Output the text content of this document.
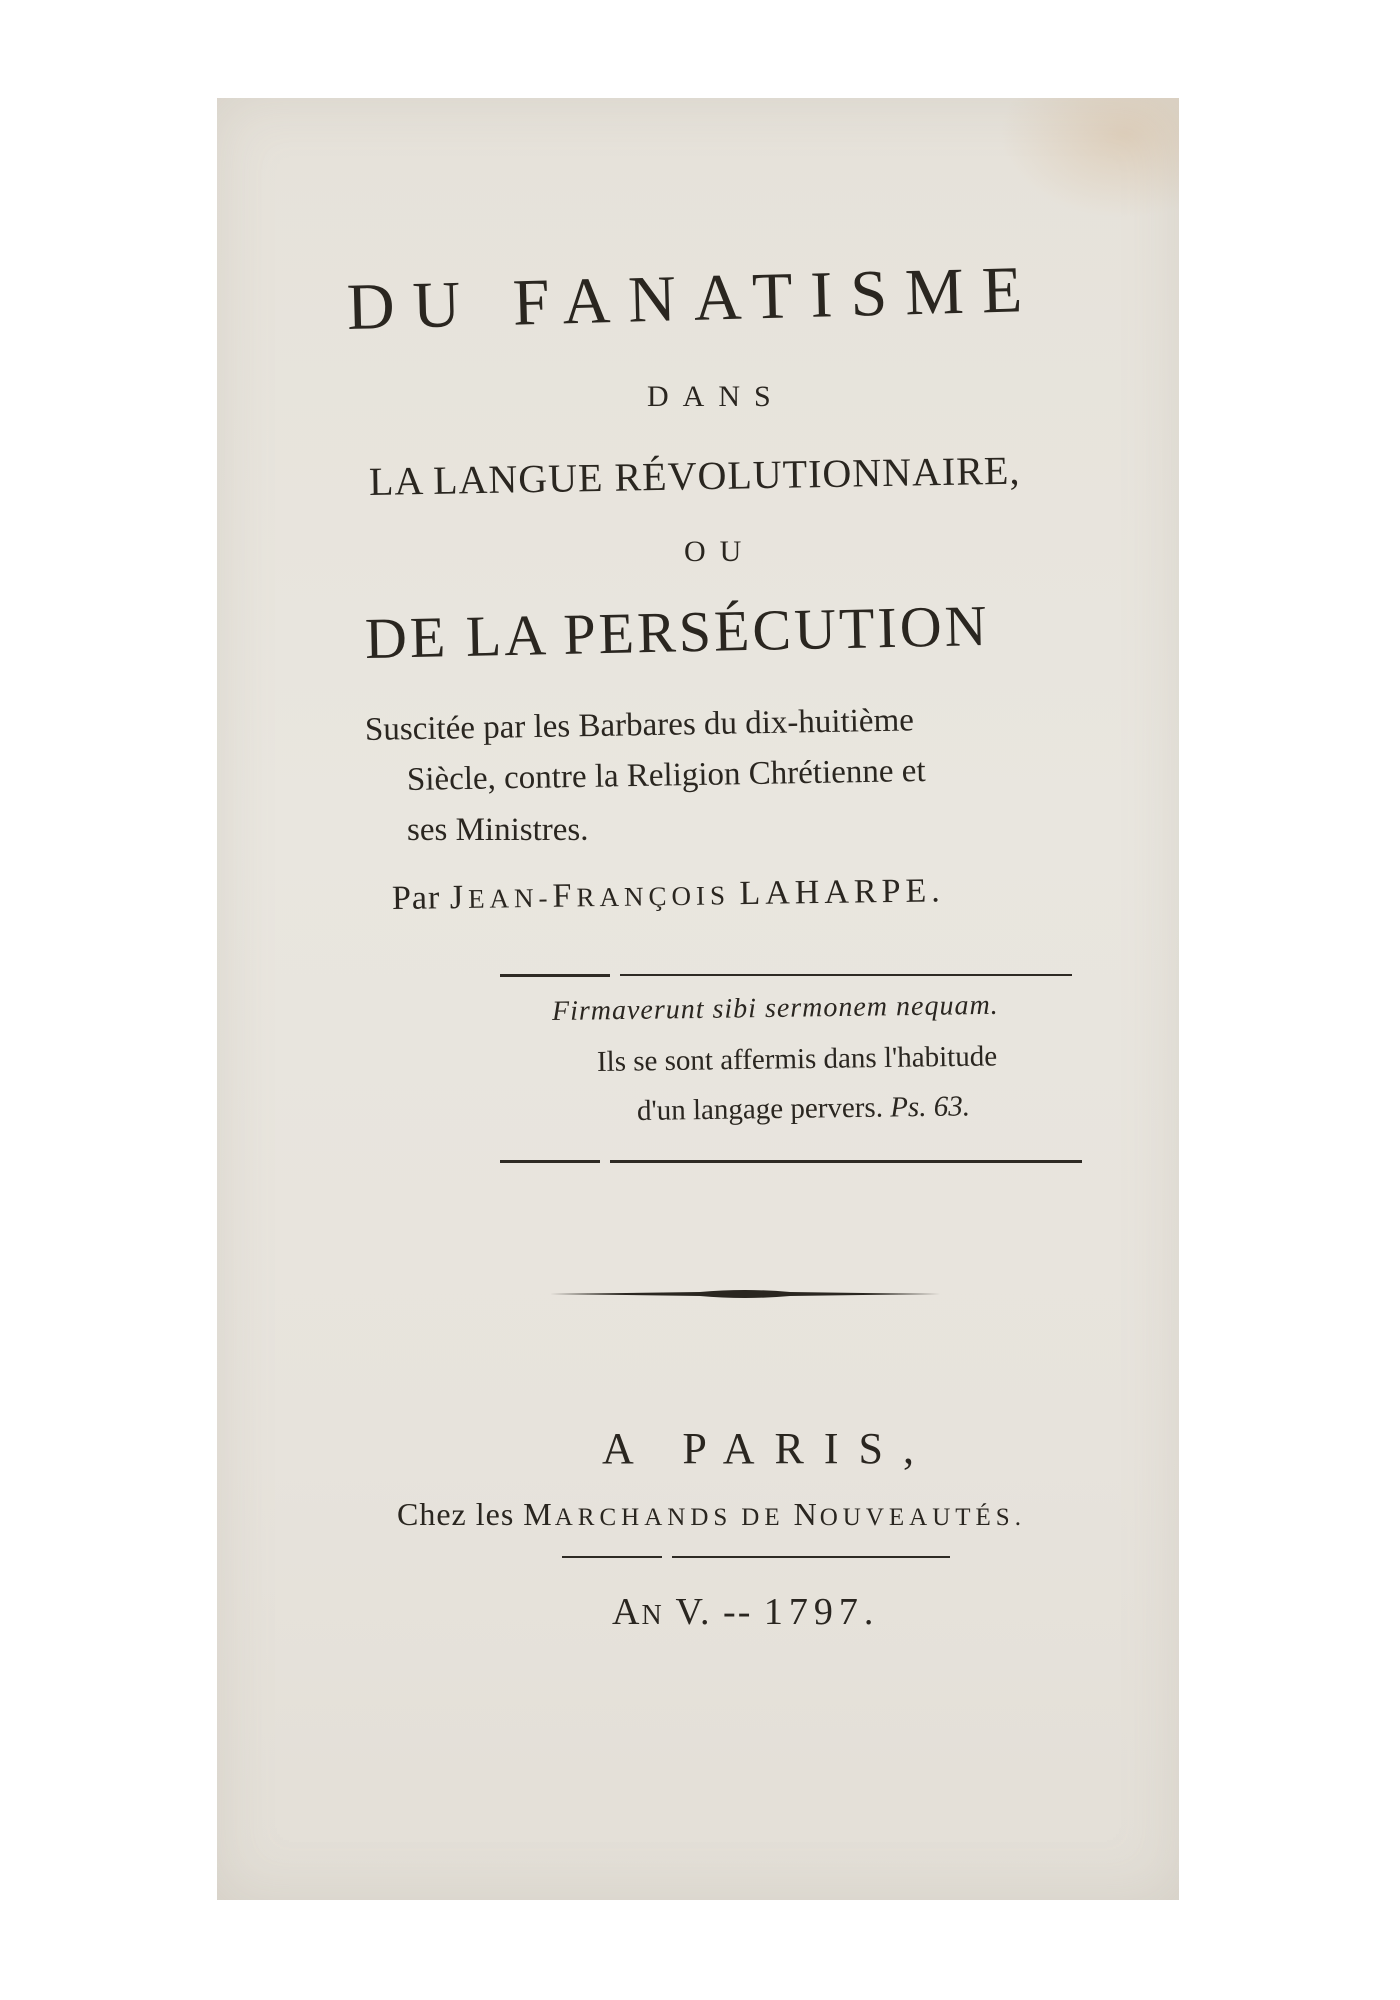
DU FANATISME
DANS
LA LANGUE RÉVOLUTIONNAIRE,
OU
DE LA PERSÉCUTION
Suscitée par les Barbares du dix-huitième
Siècle, contre la Religion Chrétienne et
ses Ministres.
Par JEAN-FRANÇOIS LAHARPE.
Firmaverunt sibi sermonem nequam.
Ils se sont affermis dans l'habitude
d'un langage pervers. Ps. 63.
A PARIS,
Chez les MARCHANDS DE NOUVEAUTÉS.
AN V. -- 1797.
